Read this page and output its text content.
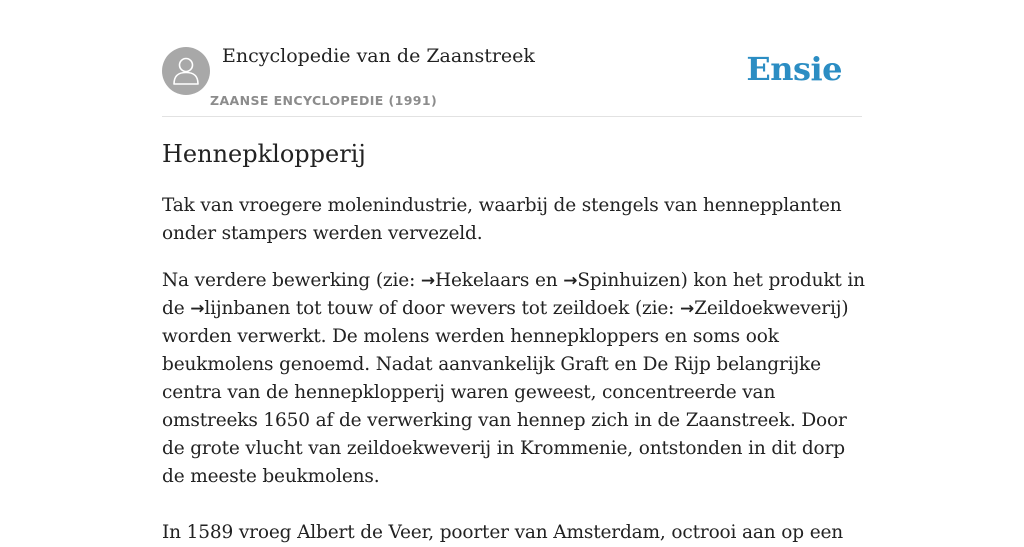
Encyclopedie van de Zaanstreek
ZAANSE ENCYCLOPEDIE (1991)
Ensie
Hennepklopperij

Tak van vroegere molenindustrie, waarbij de stengels van hennepplanten onder stampers werden vervezeld.

Na verdere bewerking (zie: →Hekelaars en →Spinhuizen) kon het produkt in de →lijnbanen tot touw of door wevers tot zeildoek (zie: →Zeildoekweverij) worden verwerkt. De molens werden hennepkloppers en soms ook beukmolens genoemd. Nadat aanvankelijk Graft en De Rijp belangrijke centra van de hennepklopperij waren geweest, concentreerde van omstreeks 1650 af de verwerking van hennep zich in de Zaanstreek. Door de grote vlucht van zeildoekweverij in Krommenie, ontstonden in dit dorp de meeste beukmolens.

In 1589 vroeg Albert de Veer, poorter van Amsterdam, octrooi aan op een
